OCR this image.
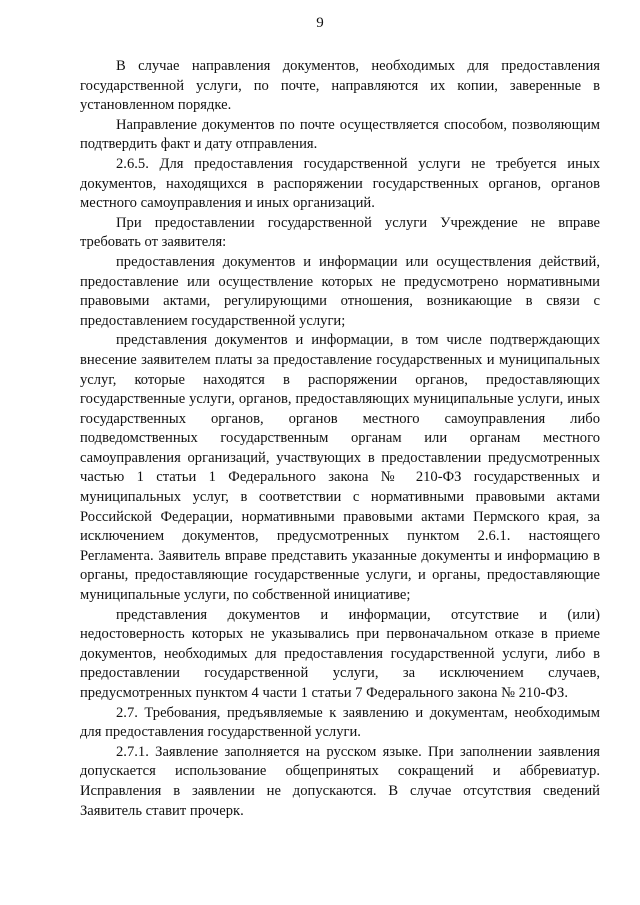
9

В случае направления документов, необходимых для предоставления государственной услуги, по почте, направляются их копии, заверенные в установленном порядке.

Направление документов по почте осуществляется способом, позволяющим подтвердить факт и дату отправления.

2.6.5. Для предоставления государственной услуги не требуется иных документов, находящихся в распоряжении государственных органов, органов местного самоуправления и иных организаций.

При предоставлении государственной услуги Учреждение не вправе требовать от заявителя:

предоставления документов и информации или осуществления действий, предоставление или осуществление которых не предусмотрено нормативными правовыми актами, регулирующими отношения, возникающие в связи с предоставлением государственной услуги;

представления документов и информации, в том числе подтверждающих внесение заявителем платы за предоставление государственных и муниципальных услуг, которые находятся в распоряжении органов, предоставляющих государственные услуги, органов, предоставляющих муниципальные услуги, иных государственных органов, органов местного самоуправления либо подведомственных государственным органам или органам местного самоуправления организаций, участвующих в предоставлении предусмотренных частью 1 статьи 1 Федерального закона № 210-ФЗ государственных и муниципальных услуг, в соответствии с нормативными правовыми актами Российской Федерации, нормативными правовыми актами Пермского края, за исключением документов, предусмотренных пунктом 2.6.1. настоящего Регламента. Заявитель вправе представить указанные документы и информацию в органы, предоставляющие государственные услуги, и органы, предоставляющие муниципальные услуги, по собственной инициативе;

представления документов и информации, отсутствие и (или) недостоверность которых не указывались при первоначальном отказе в приеме документов, необходимых для предоставления государственной услуги, либо в предоставлении государственной услуги, за исключением случаев, предусмотренных пунктом 4 части 1 статьи 7 Федерального закона № 210-ФЗ.

2.7. Требования, предъявляемые к заявлению и документам, необходимым для предоставления государственной услуги.

2.7.1. Заявление заполняется на русском языке. При заполнении заявления допускается использование общепринятых сокращений и аббревиатур. Исправления в заявлении не допускаются. В случае отсутствия сведений Заявитель ставит прочерк.
